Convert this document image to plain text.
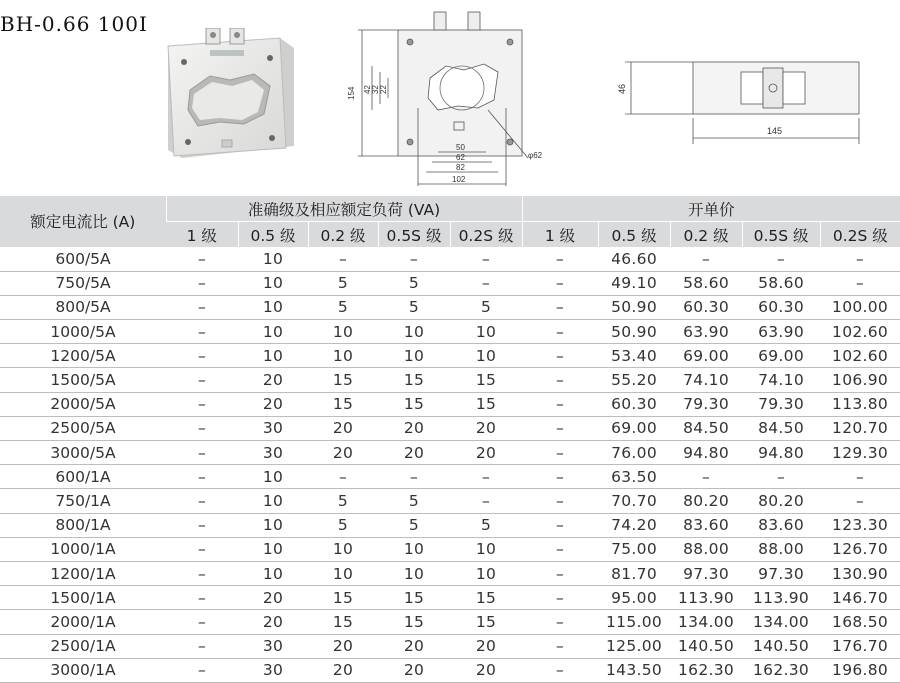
BH-0.66 100I
154 42 32 22
50
62
82
102
φ62
46
145
额定电流比 (A)	准确级及相应额定负荷 (VA)					开单价				
	1 级	0.5 级	0.2 级	0.5S 级	0.2S 级	1 级	0.5 级	0.2 级	0.5S 级	0.2S 级
600/5A	–	10	–	–	–	–	46.60	–	–	–
750/5A	–	10	5	5	–	–	49.10	58.60	58.60	–
800/5A	–	10	5	5	5	–	50.90	60.30	60.30	100.00
1000/5A	–	10	10	10	10	–	50.90	63.90	63.90	102.60
1200/5A	–	10	10	10	10	–	53.40	69.00	69.00	102.60
1500/5A	–	20	15	15	15	–	55.20	74.10	74.10	106.90
2000/5A	–	20	15	15	15	–	60.30	79.30	79.30	113.80
2500/5A	–	30	20	20	20	–	69.00	84.50	84.50	120.70
3000/5A	–	30	20	20	20	–	76.00	94.80	94.80	129.30
600/1A	–	10	–	–	–	–	63.50	–	–	–
750/1A	–	10	5	5	–	–	70.70	80.20	80.20	–
800/1A	–	10	5	5	5	–	74.20	83.60	83.60	123.30
1000/1A	–	10	10	10	10	–	75.00	88.00	88.00	126.70
1200/1A	–	10	10	10	10	–	81.70	97.30	97.30	130.90
1500/1A	–	20	15	15	15	–	95.00	113.90	113.90	146.70
2000/1A	–	20	15	15	15	–	115.00	134.00	134.00	168.50
2500/1A	–	30	20	20	20	–	125.00	140.50	140.50	176.70
3000/1A	–	30	20	20	20	–	143.50	162.30	162.30	196.80
